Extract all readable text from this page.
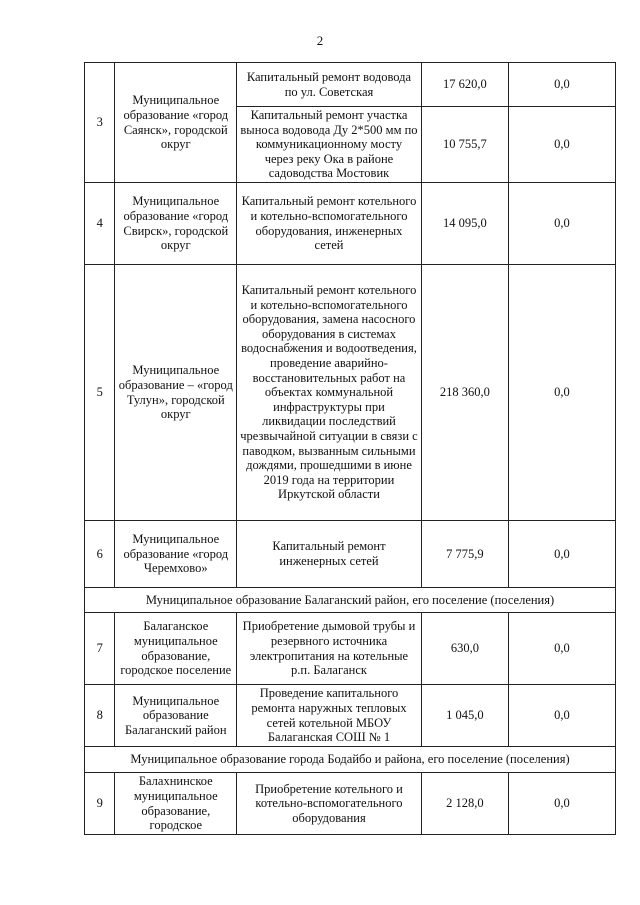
2
3	Муниципальное образование «город Саянск», городской округ	Капитальный ремонт водовода по ул. Советская	17 620,0	0,0
		Капитальный ремонт участка выноса водовода Ду 2*500 мм по коммуникационному мосту через реку Ока в районе садоводства Мостовик	10 755,7	0,0
4	Муниципальное образование «город Свирск», городской округ	Капитальный ремонт котельного и котельно-вспомогательного оборудования, инженерных сетей	14 095,0	0,0
5	Муниципальное образование – «город Тулун», городской округ	Капитальный ремонт котельного и котельно-вспомогательного оборудования, замена насосного оборудования в системах водоснабжения и водоотведения, проведение аварийно-восстановительных работ на объектах коммунальной инфраструктуры при ликвидации последствий чрезвычайной ситуации в связи с паводком, вызванным сильными дождями, прошедшими в июне 2019 года на территории Иркутской области	218 360,0	0,0
6	Муниципальное образование «город Черемхово»	Капитальный ремонт инженерных сетей	7 775,9	0,0
Муниципальное образование Балаганский район, его поселение (поселения)				
7	Балаганское муниципальное образование, городское поселение	Приобретение дымовой трубы и резервного источника электропитания на котельные р.п. Балаганск	630,0	0,0
8	Муниципальное образование Балаганский район	Проведение капитального ремонта наружных тепловых сетей котельной МБОУ Балаганская СОШ № 1	1 045,0	0,0
Муниципальное образование города Бодайбо и района, его поселение (поселения)				
9	Балахнинское муниципальное образование, городское	Приобретение котельного и котельно-вспомогательного оборудования	2 128,0	0,0
